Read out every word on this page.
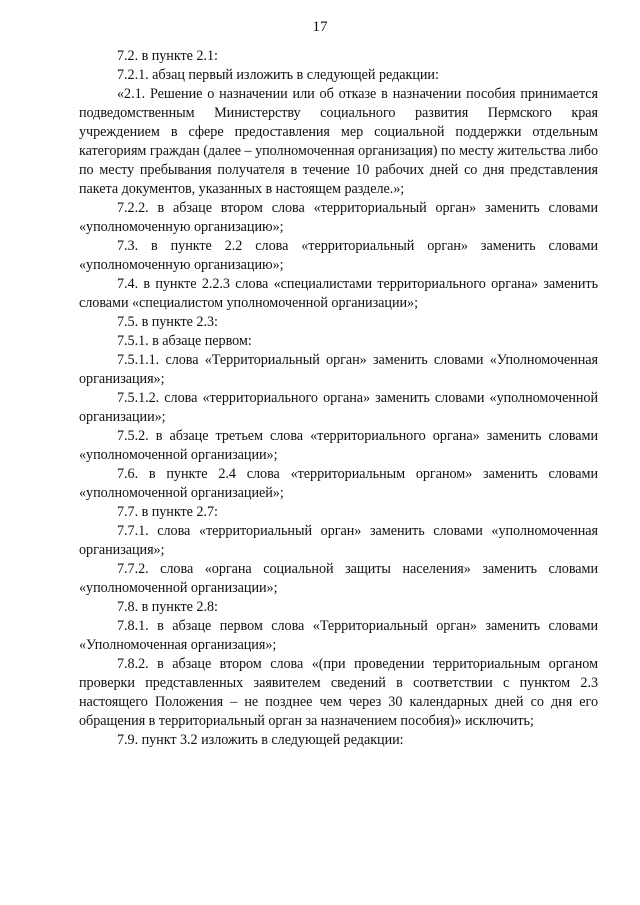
17

7.2. в пункте 2.1:

7.2.1. абзац первый изложить в следующей редакции:

«2.1. Решение о назначении или об отказе в назначении пособия принимается подведомственным Министерству социального развития Пермского края учреждением в сфере предоставления мер социальной поддержки отдельным категориям граждан (далее – уполномоченная организация) по месту жительства либо по месту пребывания получателя в течение 10 рабочих дней со дня представления пакета документов, указанных в настоящем разделе.»;

7.2.2. в абзаце втором слова «территориальный орган» заменить словами «уполномоченную организацию»;

7.3. в пункте 2.2 слова «территориальный орган» заменить словами «уполномоченную организацию»;

7.4. в пункте 2.2.3 слова «специалистами территориального органа» заменить словами «специалистом уполномоченной организации»;

7.5. в пункте 2.3:

7.5.1. в абзаце первом:

7.5.1.1. слова «Территориальный орган» заменить словами «Уполномоченная организация»;

7.5.1.2. слова «территориального органа» заменить словами «уполномоченной организации»;

7.5.2. в абзаце третьем слова «территориального органа» заменить словами «уполномоченной организации»;

7.6. в пункте 2.4 слова «территориальным органом» заменить словами «уполномоченной организацией»;

7.7. в пункте 2.7:

7.7.1. слова «территориальный орган» заменить словами «уполномоченная организация»;

7.7.2. слова «органа социальной защиты населения» заменить словами «уполномоченной организации»;

7.8. в пункте 2.8:

7.8.1. в абзаце первом слова «Территориальный орган» заменить словами «Уполномоченная организация»;

7.8.2. в абзаце втором слова «(при проведении территориальным органом проверки представленных заявителем сведений в соответствии с пунктом 2.3 настоящего Положения – не позднее чем через 30 календарных дней со дня его обращения в территориальный орган за назначением пособия)» исключить;

7.9. пункт 3.2 изложить в следующей редакции:
